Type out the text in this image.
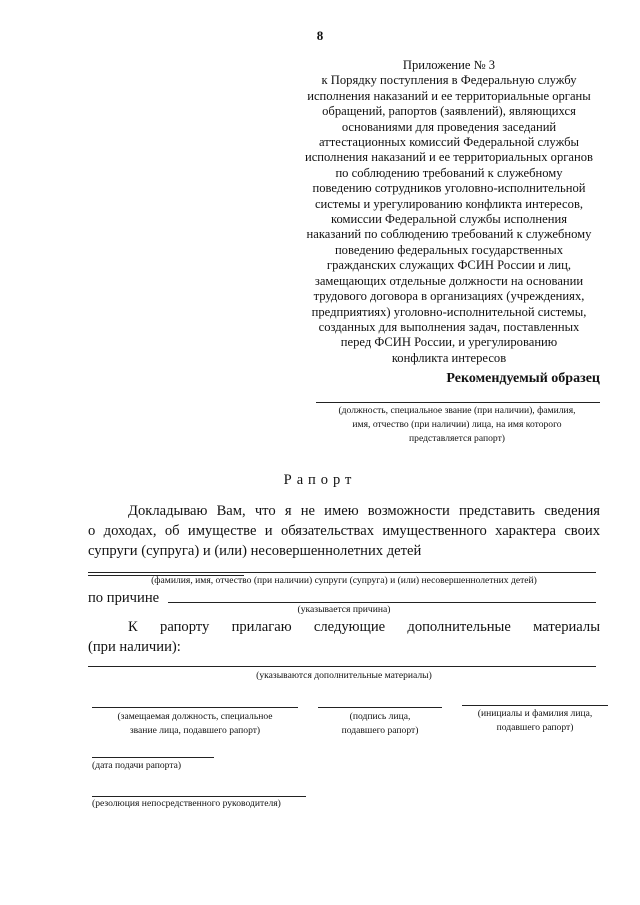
8
Приложение № 3
к Порядку поступления в Федеральную службу
исполнения наказаний и ее территориальные органы
обращений, рапортов (заявлений), являющихся
основаниями для проведения заседаний
аттестационных комиссий Федеральной службы
исполнения наказаний и ее территориальных органов
по соблюдению требований к служебному
поведению сотрудников уголовно-исполнительной
системы и урегулированию конфликта интересов,
комиссии Федеральной службы исполнения
наказаний по соблюдению требований к служебному
поведению федеральных государственных
гражданских служащих ФСИН России и лиц,
замещающих отдельные должности на основании
трудового договора в организациях (учреждениях,
предприятиях) уголовно-исполнительной системы,
созданных для выполнения задач, поставленных
перед ФСИН России, и урегулированию
конфликта интересов
Рекомендуемый образец
(должность, специальное звание (при наличии), фамилия,
имя, отчество (при наличии) лица, на имя которого
представляется рапорт)
Рапорт
Докладываю Вам, что я не имею возможности представить сведения
о доходах, об имуществе и обязательствах имущественного характера своих
супруги (супруга) и (или) несовершеннолетних детей
(фамилия, имя, отчество (при наличии) супруги (супруга) и (или) несовершеннолетних детей)
по причине
(указывается причина)
К рапорту прилагаю следующие дополнительные материалы
(при наличии):
(указываются дополнительные материалы)
(замещаемая должность, специальное
звание лица, подавшего рапорт)
(подпись лица,
подавшего рапорт)
(инициалы и фамилия лица,
подавшего рапорт)
(дата подачи рапорта)
(резолюция непосредственного руководителя)
